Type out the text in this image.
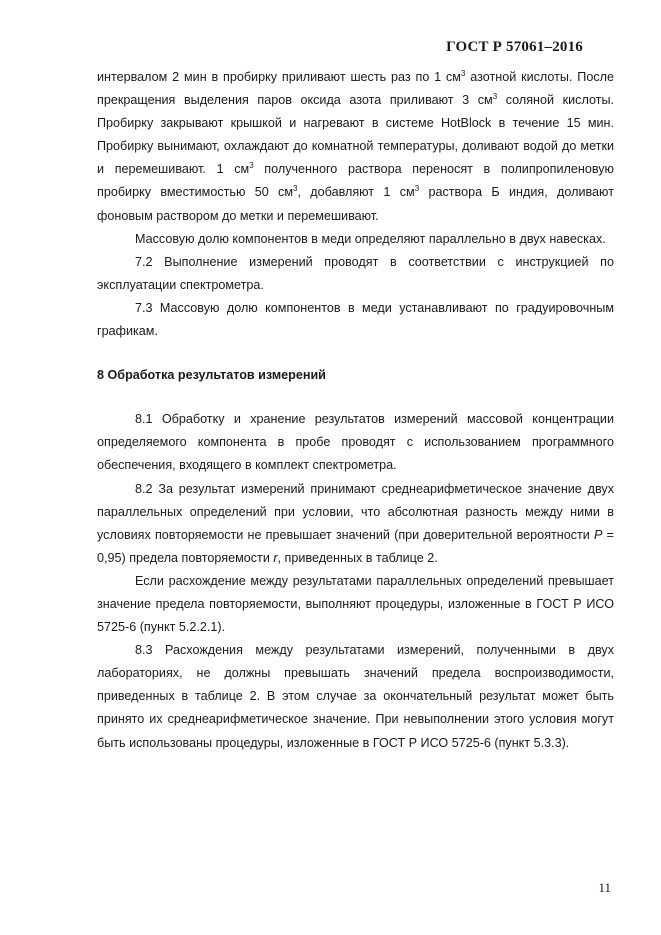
ГОСТ Р 57061–2016

интервалом 2 мин в пробирку приливают шесть раз по 1 $см^3$ азотной кислоты. После прекращения выделения паров оксида азота приливают 3 $см^3$ соляной кислоты. Пробирку закрывают крышкой и нагревают в системе HotBlock в течение 15 мин. Пробирку вынимают, охлаждают до комнатной температуры, доливают водой до метки и перемешивают. 1 $см^3$ полученного раствора переносят в полипропиленовую пробирку вместимостью 50 $см^3$, добавляют 1 $см^3$ раствора Б индия, доливают фоновым раствором до метки и перемешивают.

Массовую долю компонентов в меди определяют параллельно в двух навесках.

7.2 Выполнение измерений проводят в соответствии с инструкцией по эксплуатации спектрометра.

7.3 Массовую долю компонентов в меди устанавливают по градуировочным графикам.

8 Обработка результатов измерений

8.1 Обработку и хранение результатов измерений массовой концентрации определяемого компонента в пробе проводят с использованием программного обеспечения, входящего в комплект спектрометра.

8.2 За результат измерений принимают среднеарифметическое значение двух параллельных определений при условии, что абсолютная разность между ними в условиях повторяемости не превышает значений (при доверительной вероятности P = 0,95) предела повторяемости r, приведенных в таблице 2.

Если расхождение между результатами параллельных определений превышает значение предела повторяемости, выполняют процедуры, изложенные в ГОСТ Р ИСО 5725-6 (пункт 5.2.2.1).

8.3 Расхождения между результатами измерений, полученными в двух лабораториях, не должны превышать значений предела воспроизводимости, приведенных в таблице 2. В этом случае за окончательный результат может быть принято их среднеарифметическое значение. При невыполнении этого условия могут быть использованы процедуры, изложенные в ГОСТ Р ИСО 5725-6 (пункт 5.3.3).

11
